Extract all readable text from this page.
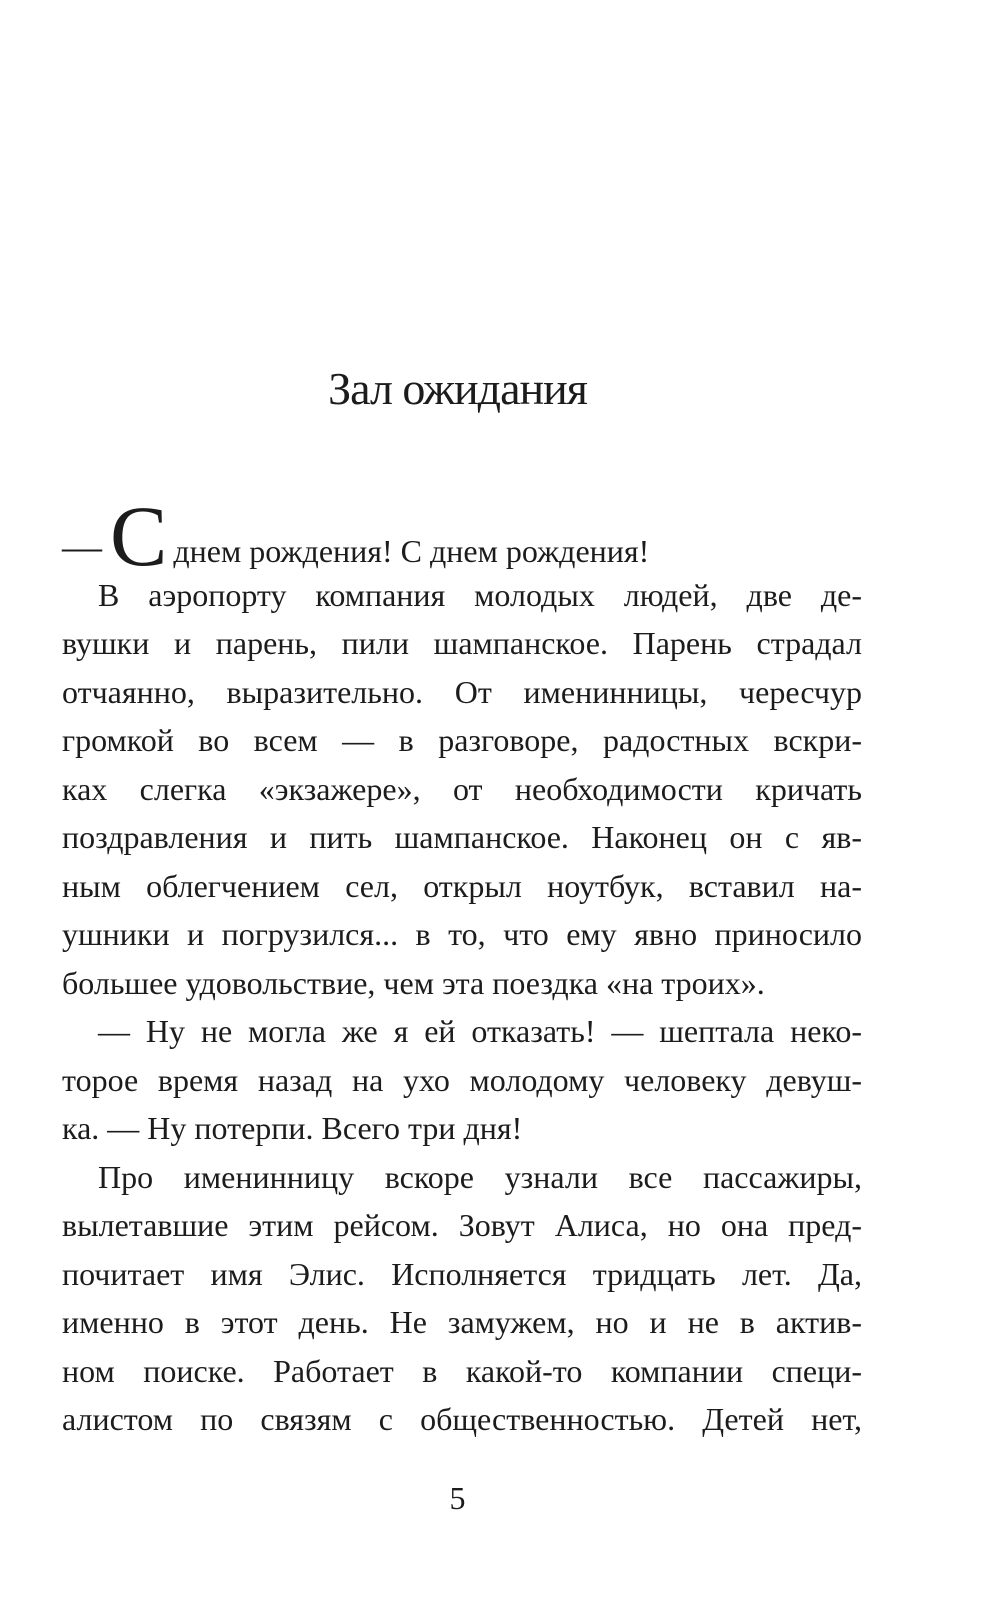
Зал ожидания
— С днем рождения! С днем рождения!
В аэропорту компания молодых людей, две де-
вушки и парень, пили шампанское. Парень страдал
отчаянно, выразительно. От именинницы, чересчур
громкой во всем — в разговоре, радостных вскри-
ках слегка «экзажере», от необходимости кричать
поздравления и пить шампанское. Наконец он с яв-
ным облегчением сел, открыл ноутбук, вставил на-
ушники и погрузился... в то, что ему явно приносило
большее удовольствие, чем эта поездка «на троих».
— Ну не могла же я ей отказать! — шептала неко-
торое время назад на ухо молодому человеку девуш-
ка. — Ну потерпи. Всего три дня!
Про именинницу вскоре узнали все пассажиры,
вылетавшие этим рейсом. Зовут Алиса, но она пред-
почитает имя Элис. Исполняется тридцать лет. Да,
именно в этот день. Не замужем, но и не в актив-
ном поиске. Работает в какой-то компании специ-
алистом по связям с общественностью. Детей нет,
5
